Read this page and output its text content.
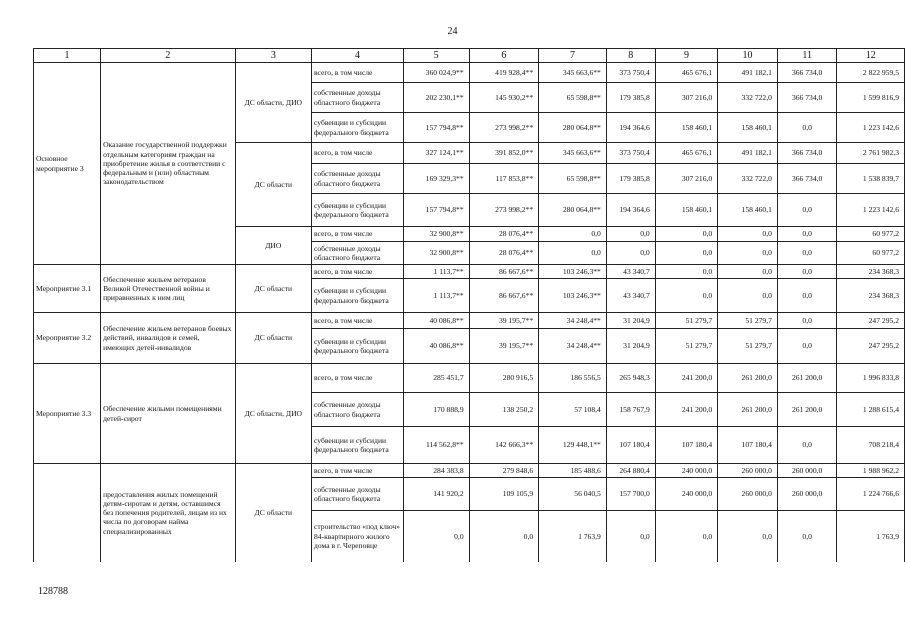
24
1	2	3	4	5	6	7	8	9	10	11	12
Основное мероприятие 3	Оказание государственной поддержки отдельным категориям граждан на приобретение жилья в соответствии с федеральным и (или) областным законодательством	ДС области, ДИО	всего, в том числе	360 024,9**	419 928,4**	345 663,6**	373 750,4	465 676,1	491 182,1	366 734,0	2 822 959,5
			собственные доходы областного бюджета	202 230,1**	145 930,2**	65 598,8**	179 385,8	307 216,0	332 722,0	366 734,0	1 599 816,9
			субвенции и субсидии федерального бюджета	157 794,8**	273 998,2**	280 064,8**	194 364,6	158 460,1	158 460,1	0,0	1 223 142,6
		ДС области	всего, в том числе	327 124,1**	391 852,0**	345 663,6**	373 750,4	465 676,1	491 182,1	366 734,0	2 761 982,3
			собственные доходы областного бюджета	169 329,3**	117 853,8**	65 598,8**	179 385,8	307 216,0	332 722,0	366 734,0	1 538 839,7
			субвенции и субсидии федерального бюджета	157 794,8**	273 998,2**	280 064,8**	194 364,6	158 460,1	158 460,1	0,0	1 223 142,6
		ДИО	всего, в том числе	32 900,8**	28 076,4**	0,0	0,0	0,0	0,0	0,0	60 977,2
			собственные доходы областного бюджета	32 900,8**	28 076,4**	0,0	0,0	0,0	0,0	0,0	60 977,2
Мероприятие 3.1	Обеспечение жильем ветеранов Великой Отечественной войны и приравненных к ним лиц	ДС области	всего, в том числе	1 113,7**	86 667,6**	103 246,3**	43 340,7	0,0	0,0	0,0	234 368,3
			субвенции и субсидии федерального бюджета	1 113,7**	86 667,6**	103 246,3**	43 340,7	0,0	0,0	0,0	234 368,3
Мероприятие 3.2	Обеспечение жильем ветеранов боевых действий, инвалидов и семей, имеющих детей-инвалидов	ДС области	всего, в том числе	40 086,8**	39 195,7**	34 248,4**	31 204,9	51 279,7	51 279,7	0,0	247 295,2
			субвенции и субсидии федерального бюджета	40 086,8**	39 195,7**	34 248,4**	31 204,9	51 279,7	51 279,7	0,0	247 295,2
Мероприятие 3.3	Обеспечение жилыми помещениями детей-сирот	ДС области, ДИО	всего, в том числе	285 451,7	280 916,5	186 556,5	265 948,3	241 200,0	261 200,0	261 200,0	1 996 833,8
			собственные доходы областного бюджета	170 888,9	138 250,2	57 108,4	158 767,9	241 200,0	261 200,0	261 200,0	1 288 615,4
			субвенции и субсидии федерального бюджета	114 562,8**	142 666,3**	129 448,1**	107 180,4	107 180,4	107 180,4	0,0	708 218,4
	предоставления жилых помещений детям-сиротам и детям, оставшимся без попечения родителей, лицам из их числа по договорам найма специализированных	ДС области	всего, в том числе	284 383,8	279 848,6	185 488,6	264 880,4	240 000,0	260 000,0	260 000,0	1 988 962,2
			собственные доходы областного бюджета	141 920,2	109 105,9	56 040,5	157 700,0	240 000,0	260 000,0	260 000,0	1 224 766,6
			строительство «под ключ» 84-квартирного жилого дома в г. Череповце	0,0	0,0	1 763,9	0,0	0,0	0,0	0,0	1 763,9
128788
